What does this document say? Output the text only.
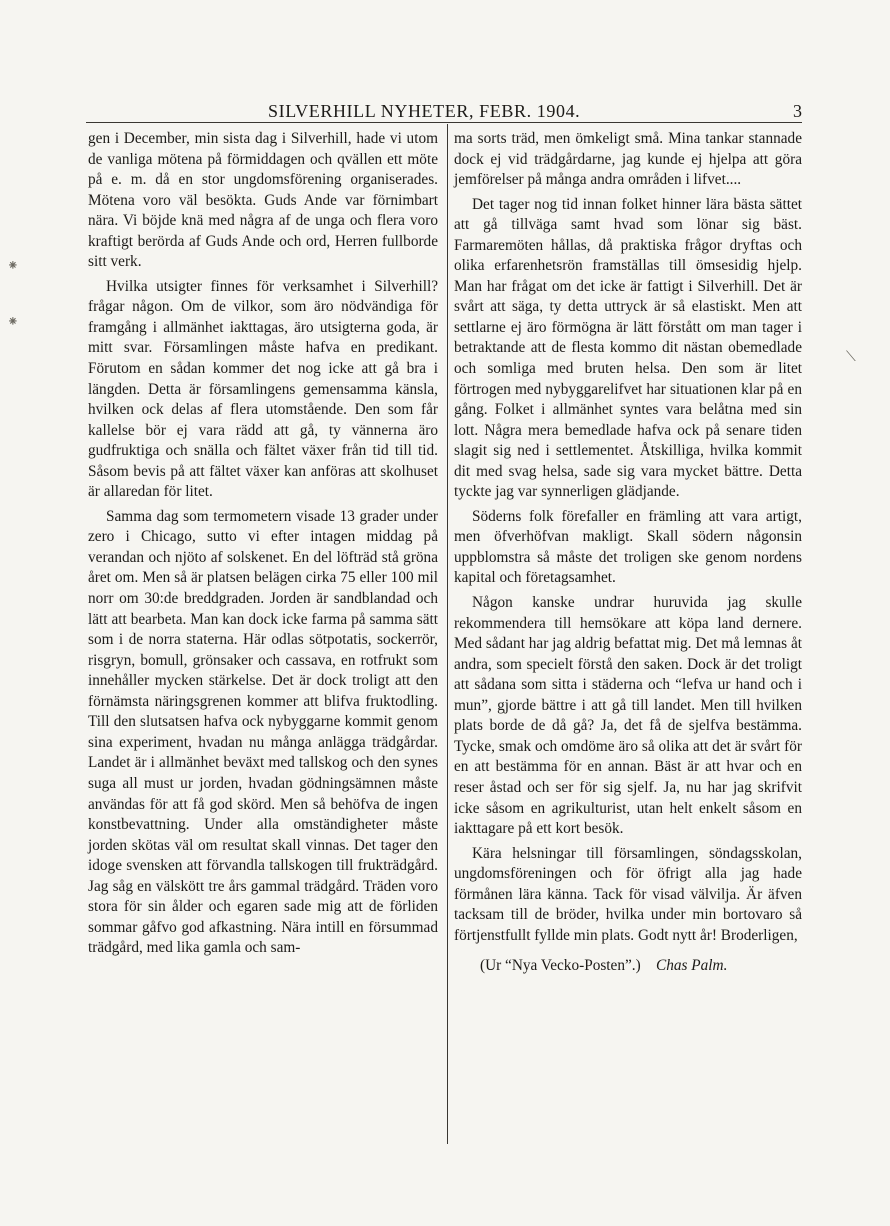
SILVERHILL NYHETER, FEBR. 1904.	3
⁕
⁕
⟍

gen i December, min sista dag i Silverhill, hade vi utom de vanliga mötena på förmiddagen och qvällen ett möte på e. m. då en stor ungdomsförening organiserades. Mötena voro väl besökta. Guds Ande var förnimbart nära. Vi böjde knä med några af de unga och flera voro kraftigt berörda af Guds Ande och ord, Herren fullborde sitt verk.

Hvilka utsigter finnes för verksamhet i Silverhill? frågar någon. Om de vilkor, som äro nödvändiga för framgång i allmänhet iakttagas, äro utsigterna goda, är mitt svar. Församlingen måste hafva en predikant. Förutom en sådan kommer det nog icke att gå bra i längden. Detta är församlingens gemensamma känsla, hvilken ock delas af flera utomstående. Den som får kallelse bör ej vara rädd att gå, ty vännerna äro gudfruktiga och snälla och fältet växer från tid till tid. Såsom bevis på att fältet växer kan anföras att skolhuset är allaredan för litet.

Samma dag som termometern visade 13 grader under zero i Chicago, sutto vi efter intagen middag på verandan och njöto af solskenet. En del löfträd stå gröna året om. Men så är platsen belägen cirka 75 eller 100 mil norr om 30:de breddgraden. Jorden är sandblandad och lätt att bearbeta. Man kan dock icke farma på samma sätt som i de norra staterna. Här odlas sötpotatis, sockerrör, risgryn, bomull, grönsaker och cassava, en rotfrukt som innehåller mycken stärkelse. Det är dock troligt att den förnämsta näringsgrenen kommer att blifva fruktodling. Till den slutsatsen hafva ock nybyggarne kommit genom sina experiment, hvadan nu många anlägga trädgårdar. Landet är i allmänhet beväxt med tallskog och den synes suga all must ur jorden, hvadan gödningsämnen måste användas för att få god skörd. Men så behöfva de ingen konstbevattning. Under alla omständigheter måste jorden skötas väl om resultat skall vinnas. Det tager den idoge svensken att förvandla tallskogen till frukträdgård. Jag såg en välskött tre års gammal trädgård. Träden voro stora för sin ålder och egaren sade mig att de förliden sommar gåfvo god afkastning. Nära intill en försummad trädgård, med lika gamla och sam-

ma sorts träd, men ömkeligt små. Mina tankar stannade dock ej vid trädgårdarne, jag kunde ej hjelpa att göra jemförelser på många andra områden i lifvet....

Det tager nog tid innan folket hinner lära bästa sättet att gå tillväga samt hvad som lönar sig bäst. Farmaremöten hållas, då praktiska frågor dryftas och olika erfarenhetsrön framställas till ömsesidig hjelp. Man har frågat om det icke är fattigt i Silverhill. Det är svårt att säga, ty detta uttryck är så elastiskt. Men att settlarne ej äro förmögna är lätt förstått om man tager i betraktande att de flesta kommo dit nästan obemedlade och somliga med bruten helsa. Den som är litet förtrogen med nybyggarelifvet har situationen klar på en gång. Folket i allmänhet syntes vara belåtna med sin lott. Några mera bemedlade hafva ock på senare tiden slagit sig ned i settlementet. Åtskilliga, hvilka kommit dit med svag helsa, sade sig vara mycket bättre. Detta tyckte jag var synnerligen glädjande.

Söderns folk förefaller en främling att vara artigt, men öfverhöfvan makligt. Skall södern någonsin uppblomstra så måste det troligen ske genom nordens kapital och företagsamhet.

Någon kanske undrar huruvida jag skulle rekommendera till hemsökare att köpa land dernere. Med sådant har jag aldrig befattat mig. Det må lemnas åt andra, som specielt förstå den saken. Dock är det troligt att sådana som sitta i städerna och “lefva ur hand och i mun”, gjorde bättre i att gå till landet. Men till hvilken plats borde de då gå? Ja, det få de sjelfva bestämma. Tycke, smak och omdöme äro så olika att det är svårt för en att bestämma för en annan. Bäst är att hvar och en reser åstad och ser för sig sjelf. Ja, nu har jag skrifvit icke såsom en agrikulturist, utan helt enkelt såsom en iakttagare på ett kort besök.

Kära helsningar till församlingen, söndagsskolan, ungdomsföreningen och för öfrigt alla jag hade förmånen lära känna. Tack för visad välvilja. Är äfven tacksam till de bröder, hvilka under min bortovaro så förtjenstfullt fyllde min plats. Godt nytt år! Broderligen,

(Ur “Nya Vecko-Posten”.) Chas Palm.
